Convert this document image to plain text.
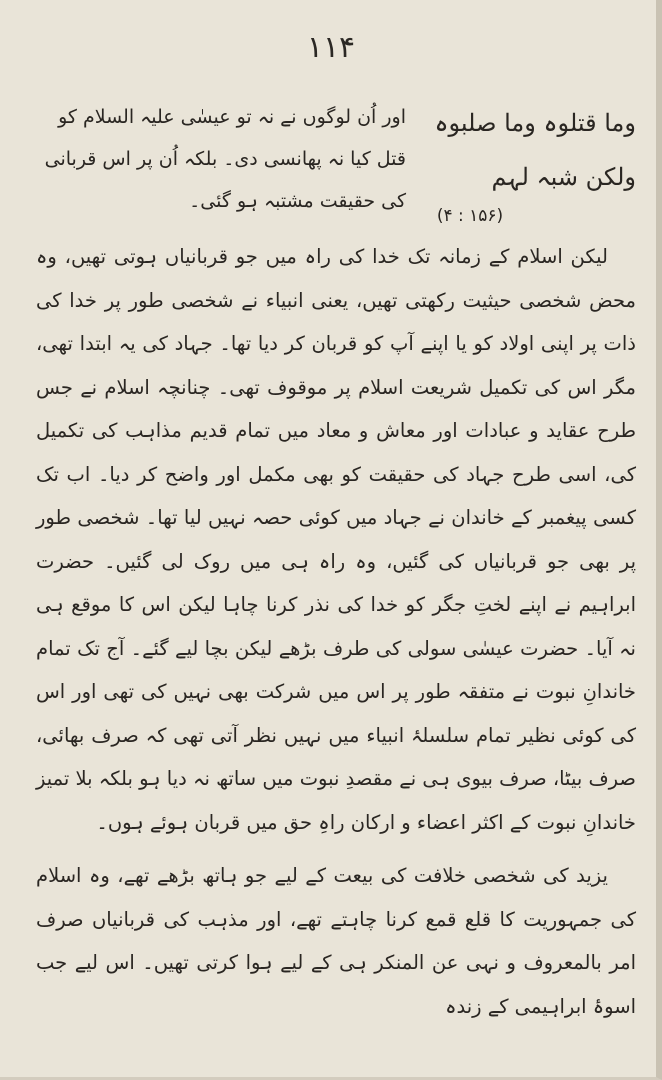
۱۱۴
وما قتلوہ وما صلبوہ
ولکن شبہ لہم
اور اُن لوگوں نے نہ تو عیسٰی علیہ السلام کو قتل کیا نہ پھانسی دی۔ بلکہ اُن پر اس قربانی کی حقیقت مشتبہ ہو گئی۔
(۴ : ۱۵۶)

لیکن اسلام کے زمانہ تک خدا کی راہ میں جو قربانیاں ہوتی تھیں، وہ محض شخصی حیثیت رکھتی تھیں، یعنی انبیاء نے شخصی طور پر خدا کی ذات پر اپنی اولاد کو یا اپنے آپ کو قربان کر دیا تھا۔ جہاد کی یہ ابتدا تھی، مگر اس کی تکمیل شریعت اسلام پر موقوف تھی۔ چنانچہ اسلام نے جس طرح عقاید و عبادات اور معاش و معاد میں تمام قدیم مذاہب کی تکمیل کی، اسی طرح جہاد کی حقیقت کو بھی مکمل اور واضح کر دیا۔ اب تک کسی پیغمبر کے خاندان نے جہاد میں کوئی حصہ نہیں لیا تھا۔ شخصی طور پر بھی جو قربانیاں کی گئیں، وہ راہ ہی میں روک لی گئیں۔ حضرت ابراہیم نے اپنے لختِ جگر کو خدا کی نذر کرنا چاہا لیکن اس کا موقع ہی نہ آیا۔ حضرت عیسٰی سولی کی طرف بڑھے لیکن بچا لیے گئے۔ آج تک تمام خاندانِ نبوت نے متفقہ طور پر اس میں شرکت بھی نہیں کی تھی اور اس کی کوئی نظیر تمام سلسلۂ انبیاء میں نہیں نظر آتی تھی کہ صرف بھائی، صرف بیٹا، صرف بیوی ہی نے مقصدِ نبوت میں ساتھ نہ دیا ہو بلکہ بلا تمیز خاندانِ نبوت کے اکثر اعضاء و ارکان راہِ حق میں قربان ہوئے ہوں۔

یزید کی شخصی خلافت کی بیعت کے لیے جو ہاتھ بڑھے تھے، وہ اسلام کی جمہوریت کا قلع قمع کرنا چاہتے تھے، اور مذہب کی قربانیاں صرف امر بالمعروف و نہی عن المنکر ہی کے لیے ہوا کرتی تھیں۔ اس لیے جب اسوۂ ابراہیمی کے زندہ
